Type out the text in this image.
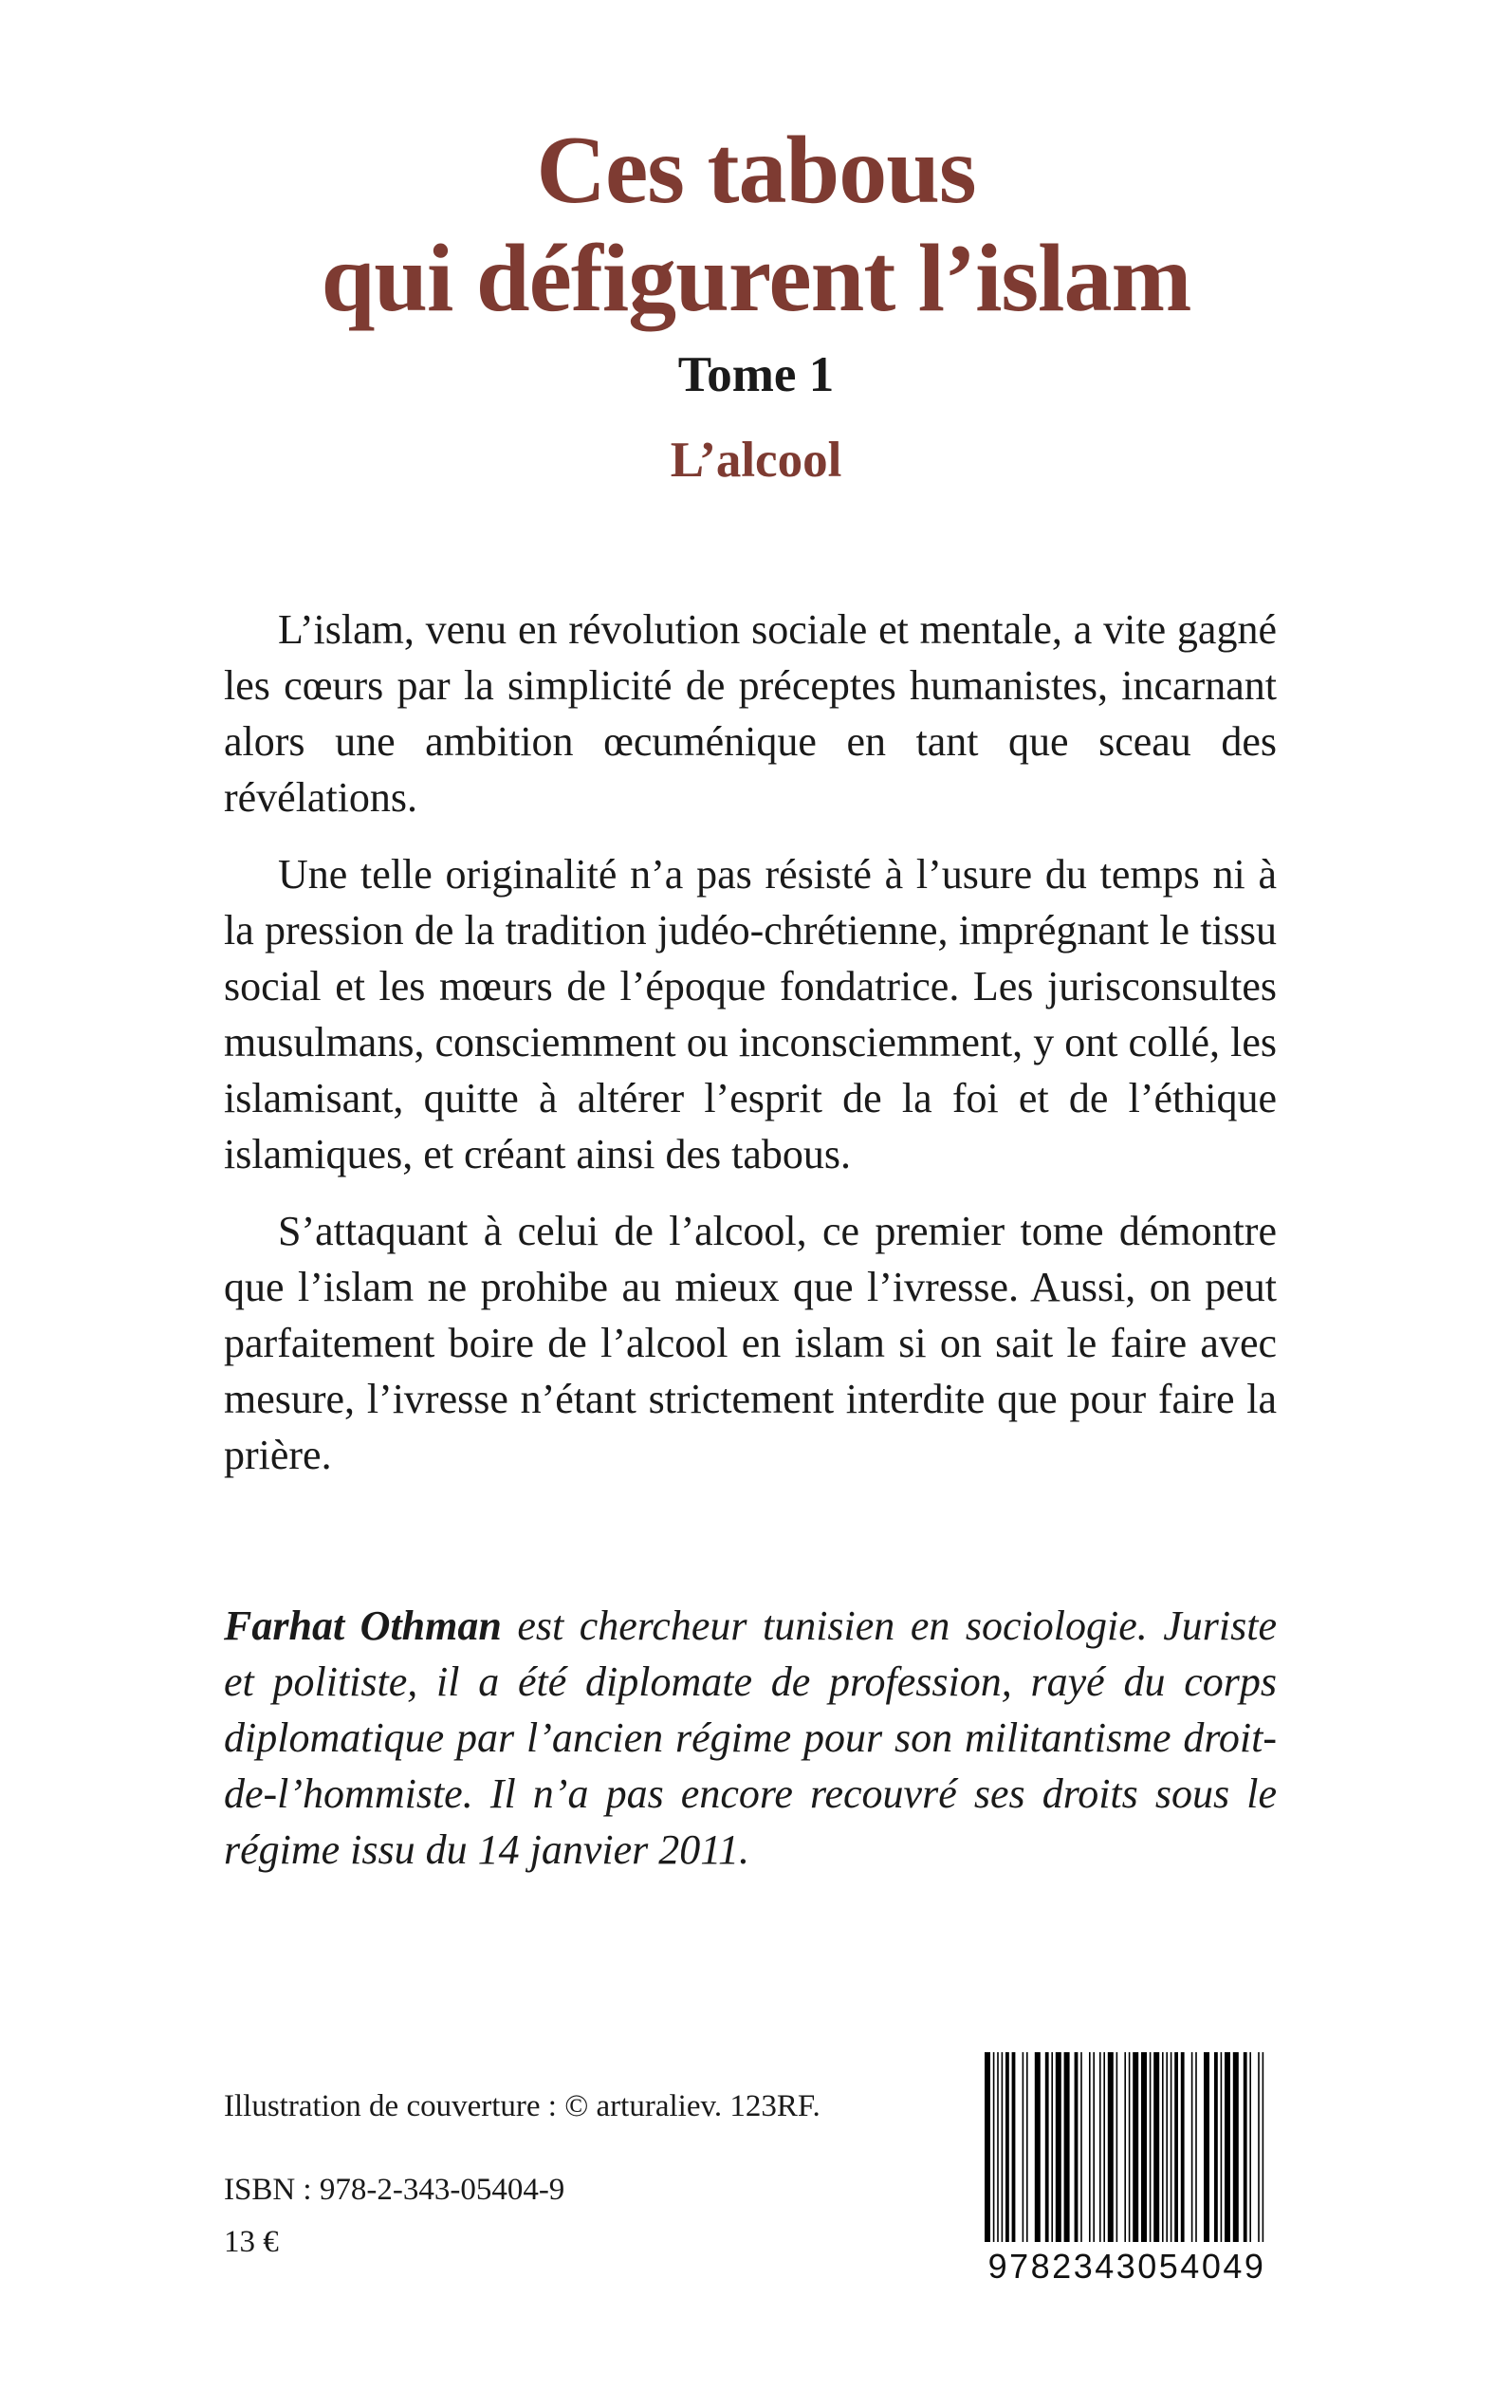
Ces tabous
qui défigurent l’islam
Tome 1
L’alcool

L’islam, venu en révolution sociale et mentale, a vite gagné les cœurs par la simplicité de préceptes humanistes, incarnant alors une ambition œcuménique en tant que sceau des révélations.

Une telle originalité n’a pas résisté à l’usure du temps ni à la pression de la tradition judéo-chrétienne, imprégnant le tissu social et les mœurs de l’époque fondatrice. Les jurisconsultes musulmans, consciemment ou inconsciemment, y ont collé, les islamisant, quitte à altérer l’esprit de la foi et de l’éthique islamiques, et créant ainsi des tabous.

S’attaquant à celui de l’alcool, ce premier tome démontre que l’islam ne prohibe au mieux que l’ivresse. Aussi, on peut parfaitement boire de l’alcool en islam si on sait le faire avec mesure, l’ivresse n’étant strictement interdite que pour faire la prière.

Farhat Othman est chercheur tunisien en sociologie. Juriste et politiste, il a été diplomate de profession, rayé du corps diplomatique par l’ancien régime pour son militantisme droit-de-l’hommiste. Il n’a pas encore recouvré ses droits sous le régime issu du 14 janvier 2011.
Illustration de couverture : © arturaliev. 123RF.
ISBN : 978-2-343-05404-9
13 €
9782343054049
